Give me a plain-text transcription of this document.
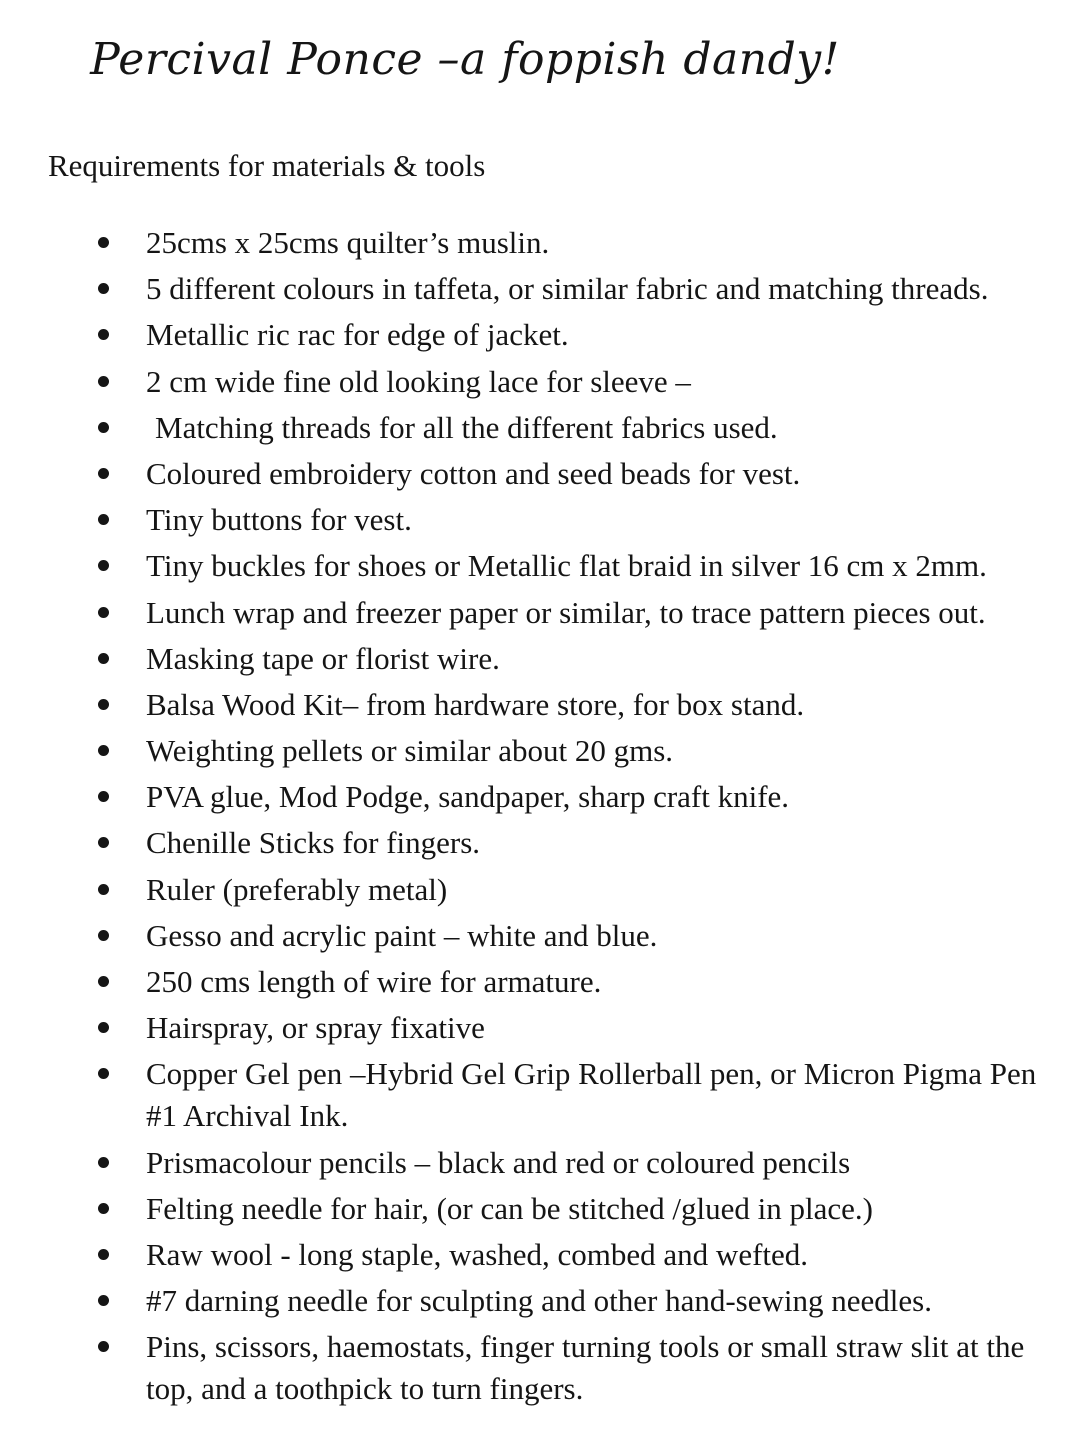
Percival Ponce –a foppish dandy!
Requirements for materials & tools
25cms x 25cms quilter’s muslin.
5 different colours in taffeta, or similar fabric and matching threads.
Metallic ric rac for edge of jacket.
2 cm wide fine old looking lace for sleeve –
Matching threads for all the different fabrics used.
Coloured embroidery cotton and seed beads for vest.
Tiny buttons for vest.
Tiny buckles for shoes or Metallic flat braid in silver 16 cm x 2mm.
Lunch wrap and freezer paper or similar, to trace pattern pieces out.
Masking tape or florist wire.
Balsa Wood Kit– from hardware store, for box stand.
Weighting pellets or similar about 20 gms.
PVA glue, Mod Podge, sandpaper, sharp craft knife.
Chenille Sticks for fingers.
Ruler (preferably metal)
Gesso and acrylic paint – white and blue.
250 cms length of wire for armature.
Hairspray, or spray fixative
Copper Gel pen –Hybrid Gel Grip Rollerball pen, or Micron Pigma Pen #1 Archival Ink.
Prismacolour pencils – black and red or coloured pencils
Felting needle for hair, (or can be stitched /glued in place.)
Raw wool - long staple, washed, combed and wefted.
#7 darning needle for sculpting and other hand-sewing needles.
Pins, scissors, haemostats, finger turning tools or small straw slit at the top, and a toothpick to turn fingers.
